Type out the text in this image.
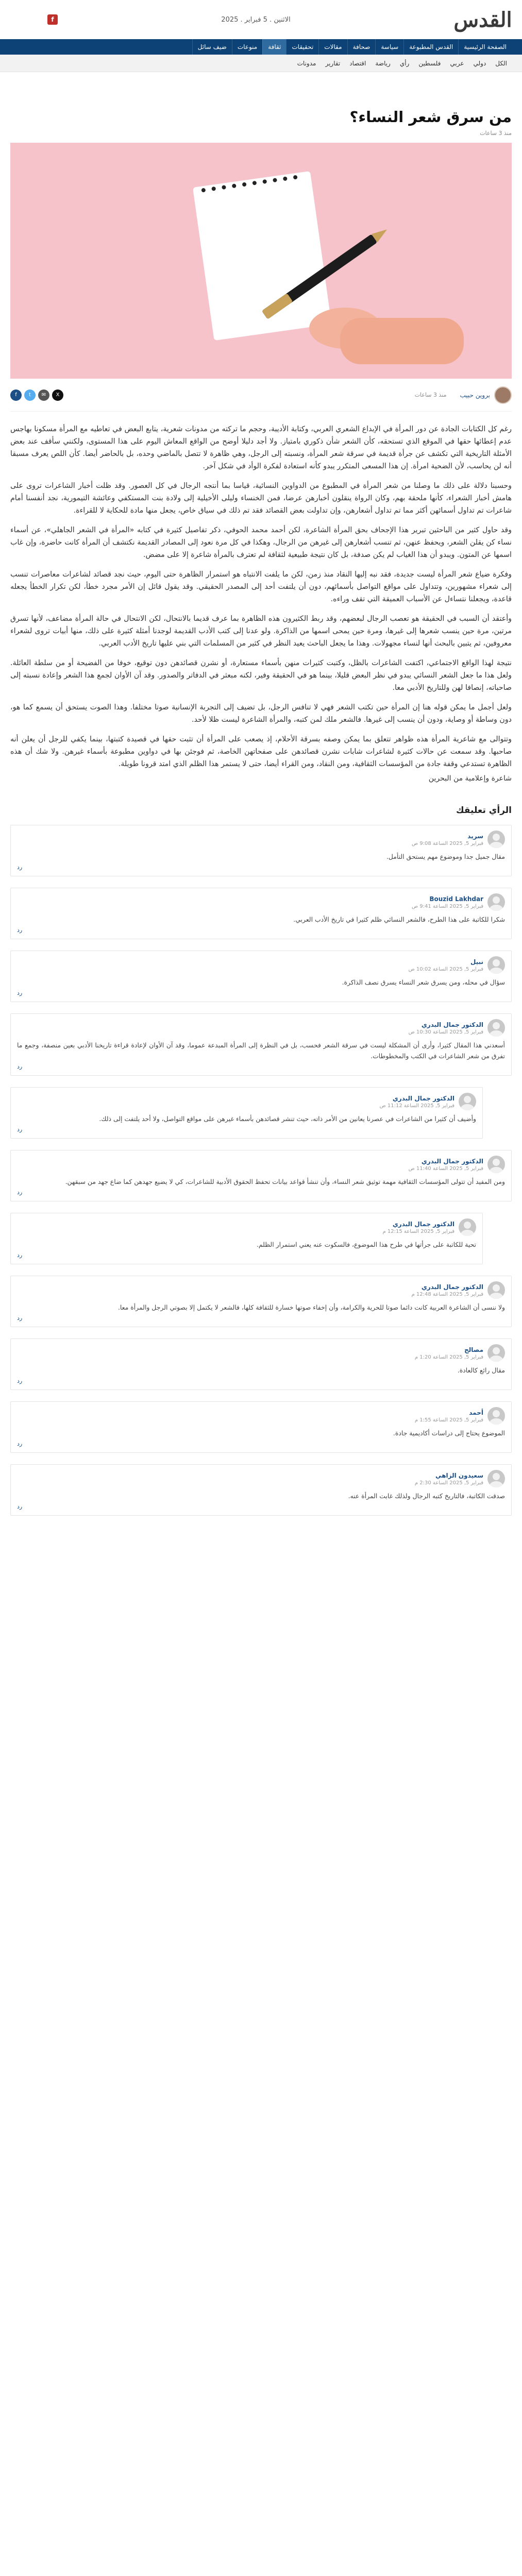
القدس
الاثنين . 5 فبراير . 2025
f
الصفحة الرئيسية
القدس المطبوعة
سياسة
صحافة
مقالات
تحقيقات
ثقافة
منوعات
ضيف سائل
الكل
دولي
عربي
فلسطين
رأي
رياضة
اقتصاد
تقارير
مدونات
من سرق شعر النساء؟
منذ 3 ساعات
بروين حبيب
منذ 3 ساعات
f	t	✉	X

رغم كل الكتابات الجادة عن دور المرأة في الإبداع الشعري العربي، وكتابة الأديبة، وحجم ما تركته من مدونات شعرية، يتابع البعض في تعاطيه مع المرأة مسكونا بهاجس عدم إعطائها حقها في الموقع الذي تستحقه، كأن الشعر شأن ذكوري بامتياز. ولا أجد دليلا أوضح من الواقع المعاش اليوم على هذا المستوى، ولكنني سأقف عند بعض الأمثلة التاريخية التي تكشف عن جرأة قديمة في سرقة شعر المرأة، ونسبته إلى الرجل، وهي ظاهرة لا تتصل بالماضي وحده، بل بالحاضر أيضا. كأن اللص يعرف مسبقا أنه لن يحاسب، لأن الضحية امرأة. إن هذا المسعى المتكرر يبدو كأنه استعادة لفكرة الوأد في شكل آخر.

وحسبنا دلالة على ذلك ما وصلنا من شعر المرأة في المطبوع من الدواوين النسائية، قياسا بما أنتجه الرجال في كل العصور. وقد ظلت أخبار الشاعرات تروى على هامش أخبار الشعراء، كأنها ملحقة بهم، وكان الرواة ينقلون أخبارهن عرضا، فمن الخنساء وليلى الأخيلية إلى ولادة بنت المستكفي وعائشة التيمورية، نجد أنفسنا أمام شاعرات تم تداول أسمائهن أكثر مما تم تداول أشعارهن، وإن تداولت بعض القصائد فقد تم ذلك في سياق خاص، يجعل منها مادة للحكاية لا للقراءة.

وقد حاول كثير من الباحثين تبرير هذا الإجحاف بحق المرأة الشاعرة، لكن أحمد محمد الحوفي، ذكر تفاصيل كثيرة في كتابه «المرأة في الشعر الجاهلي»، عن أسماء نساء كن يقلن الشعر، ويحفظ عنهن، ثم تنسب أشعارهن إلى غيرهن من الرجال، وهكذا في كل مرة نعود إلى المصادر القديمة نكتشف أن المرأة كانت حاضرة، وإن غاب اسمها عن المتون. ويبدو أن هذا الغياب لم يكن صدفة، بل كان نتيجة طبيعية لثقافة لم تعترف بالمرأة شاعرة إلا على مضض.

وفكرة ضياع شعر المرأة ليست جديدة، فقد نبه إليها النقاد منذ زمن، لكن ما يلفت الانتباه هو استمرار الظاهرة حتى اليوم، حيث نجد قصائد لشاعرات معاصرات تنسب إلى شعراء مشهورين، وتتداول على مواقع التواصل بأسمائهم، دون أن يلتفت أحد إلى المصدر الحقيقي. وقد يقول قائل إن الأمر مجرد خطأ، لكن تكرار الخطأ يجعله قاعدة، ويجعلنا نتساءل عن الأسباب العميقة التي تقف وراءه.

وأعتقد أن السبب في الحقيقة هو تعصب الرجال لبعضهم، وقد ربط الكثيرون هذه الظاهرة بما عرف قديما بالانتحال، لكن الانتحال في حالة المرأة مضاعف، لأنها تسرق مرتين، مرة حين ينسب شعرها إلى غيرها، ومرة حين يمحى اسمها من الذاكرة. ولو عدنا إلى كتب الأدب القديمة لوجدنا أمثلة كثيرة على ذلك، منها أبيات تروى لشعراء معروفين، ثم يتبين بالبحث أنها لنساء مجهولات. وهذا ما يجعل الباحث يعيد النظر في كثير من المسلمات التي بني عليها تاريخ الأدب العربي.

نتيجة لهذا الواقع الاجتماعي، اكتفت الشاعرات بالظل، وكتبت كثيرات منهن بأسماء مستعارة، أو نشرن قصائدهن دون توقيع، خوفا من الفضيحة أو من سلطة العائلة. ولعل هذا ما جعل الشعر النسائي يبدو في نظر البعض قليلا، بينما هو في الحقيقة وفير، لكنه مبعثر في الدفاتر والصدور. وقد آن الأوان لجمع هذا الشعر وإعادة نسبته إلى صاحباته، إنصافا لهن وللتاريخ الأدبي معا.

ولعل أجمل ما يمكن قوله هنا إن المرأة حين تكتب الشعر فهي لا تنافس الرجل، بل تضيف إلى التجربة الإنسانية صوتا مختلفا. وهذا الصوت يستحق أن يسمع كما هو، دون وساطة أو وصاية، ودون أن ينسب إلى غيرها. فالشعر ملك لمن كتبه، والمرأة الشاعرة ليست ظلا لأحد.

وتتوالى مع شاعرية المرأة هذه ظواهر تتعلق بما يمكن وصفه بسرقة الأحلام، إذ يصعب على المرأة أن تثبت حقها في قصيدة كتبتها، بينما يكفي للرجل أن يعلن أنه صاحبها. وقد سمعت عن حالات كثيرة لشاعرات شابات نشرن قصائدهن على صفحاتهن الخاصة، ثم فوجئن بها في دواوين مطبوعة بأسماء غيرهن. ولا شك أن هذه الظاهرة تستدعي وقفة جادة من المؤسسات الثقافية، ومن النقاد، ومن القراء أيضا، حتى لا يستمر هذا الظلم الذي امتد قرونا طويلة.

شاعرة وإعلامية من البحرين
الرأي تعليقك
سريد
فبراير 5, 2025 الساعة 9:08 ص
مقال جميل جدا وموضوع مهم يستحق التأمل.
رد
Bouzid Lakhdar
فبراير 5, 2025 الساعة 9:41 ص
شكرا للكاتبة على هذا الطرح، فالشعر النسائي ظلم كثيرا في تاريخ الأدب العربي.
رد
نبيل
فبراير 5, 2025 الساعة 10:02 ص
سؤال في محله، ومن يسرق شعر النساء يسرق نصف الذاكرة.
رد
الدكتور جمال البدري
فبراير 5, 2025 الساعة 10:30 ص
أسعدني هذا المقال كثيرا، وأرى أن المشكلة ليست في سرقة الشعر فحسب، بل في النظرة إلى المرأة المبدعة عموما، وقد آن الأوان لإعادة قراءة تاريخنا الأدبي بعين منصفة، وجمع ما تفرق من شعر الشاعرات في الكتب والمخطوطات.
رد
الدكتور جمال البدري
فبراير 5, 2025 الساعة 11:12 ص
وأضيف أن كثيرا من الشاعرات في عصرنا يعانين من الأمر ذاته، حيث تنشر قصائدهن بأسماء غيرهن على مواقع التواصل، ولا أحد يلتفت إلى ذلك.
رد
الدكتور جمال البدري
فبراير 5, 2025 الساعة 11:40 ص
ومن المفيد أن تتولى المؤسسات الثقافية مهمة توثيق شعر النساء، وأن تنشأ قواعد بيانات تحفظ الحقوق الأدبية للشاعرات، كي لا يضيع جهدهن كما ضاع جهد من سبقهن.
رد
الدكتور جمال البدري
فبراير 5, 2025 الساعة 12:15 م
تحية للكاتبة على جرأتها في طرح هذا الموضوع، فالسكوت عنه يعني استمرار الظلم.
رد
الدكتور جمال البدري
فبراير 5, 2025 الساعة 12:48 م
ولا ننسى أن الشاعرة العربية كانت دائما صوتا للحرية والكرامة، وأن إخفاء صوتها خسارة للثقافة كلها، فالشعر لا يكتمل إلا بصوتي الرجل والمرأة معا.
رد
مصالح
فبراير 5, 2025 الساعة 1:20 م
مقال رائع كالعادة.
رد
أحمد
فبراير 5, 2025 الساعة 1:55 م
الموضوع يحتاج إلى دراسات أكاديمية جادة.
رد
سعيدون الزاهي
فبراير 5, 2025 الساعة 2:30 م
صدقت الكاتبة، فالتاريخ كتبه الرجال ولذلك غابت المرأة عنه.
رد
